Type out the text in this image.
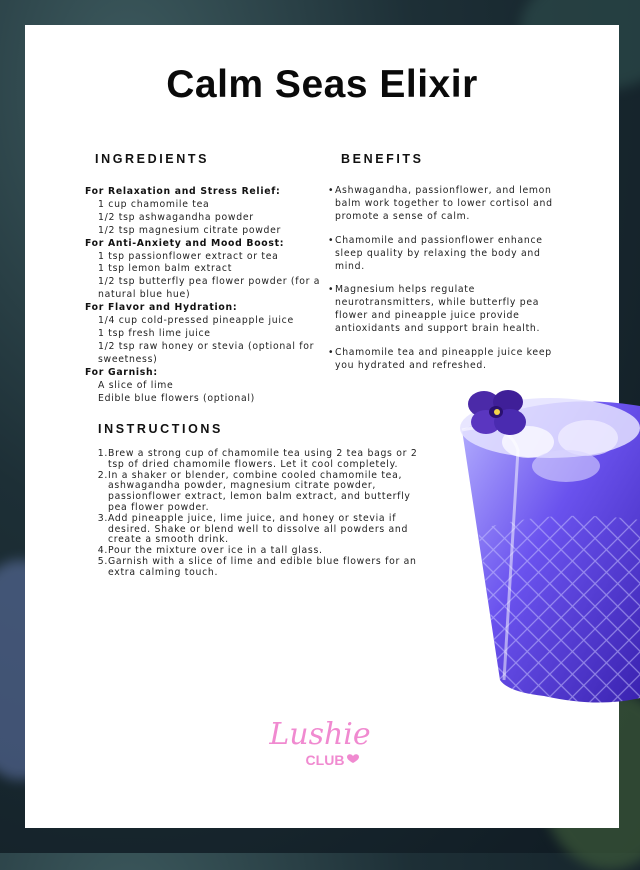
Calm Seas Elixir
INGREDIENTS	BENEFITS
For Relaxation and Stress Relief:
1 cup chamomile tea
1/2 tsp ashwagandha powder
1/2 tsp magnesium citrate powder
For Anti-Anxiety and Mood Boost:
1 tsp passionflower extract or tea
1 tsp lemon balm extract
1/2 tsp butterfly pea flower powder (for a natural blue hue)
For Flavor and Hydration:
1/4 cup cold-pressed pineapple juice
1 tsp fresh lime juice
1/2 tsp raw honey or stevia (optional for sweetness)
For Garnish:
A slice of lime
Edible blue flowers (optional)
• Ashwagandha, passionflower, and lemon balm work together to lower cortisol and promote a sense of calm.
• Chamomile and passionflower enhance sleep quality by relaxing the body and mind.
• Magnesium helps regulate neurotransmitters, while butterfly pea flower and pineapple juice provide antioxidants and support brain health.
• Chamomile tea and pineapple juice keep you hydrated and refreshed.
INSTRUCTIONS
1. Brew a strong cup of chamomile tea using 2 tea bags or 2 tsp of dried chamomile flowers. Let it cool completely.
2. In a shaker or blender, combine cooled chamomile tea, ashwagandha powder, magnesium citrate powder, passionflower extract, lemon balm extract, and butterfly pea flower powder.
3. Add pineapple juice, lime juice, and honey or stevia if desired. Shake or blend well to dissolve all powders and create a smooth drink.
4. Pour the mixture over ice in a tall glass.
5. Garnish with a slice of lime and edible blue flowers for an extra calming touch.
Lushie
CLUB
